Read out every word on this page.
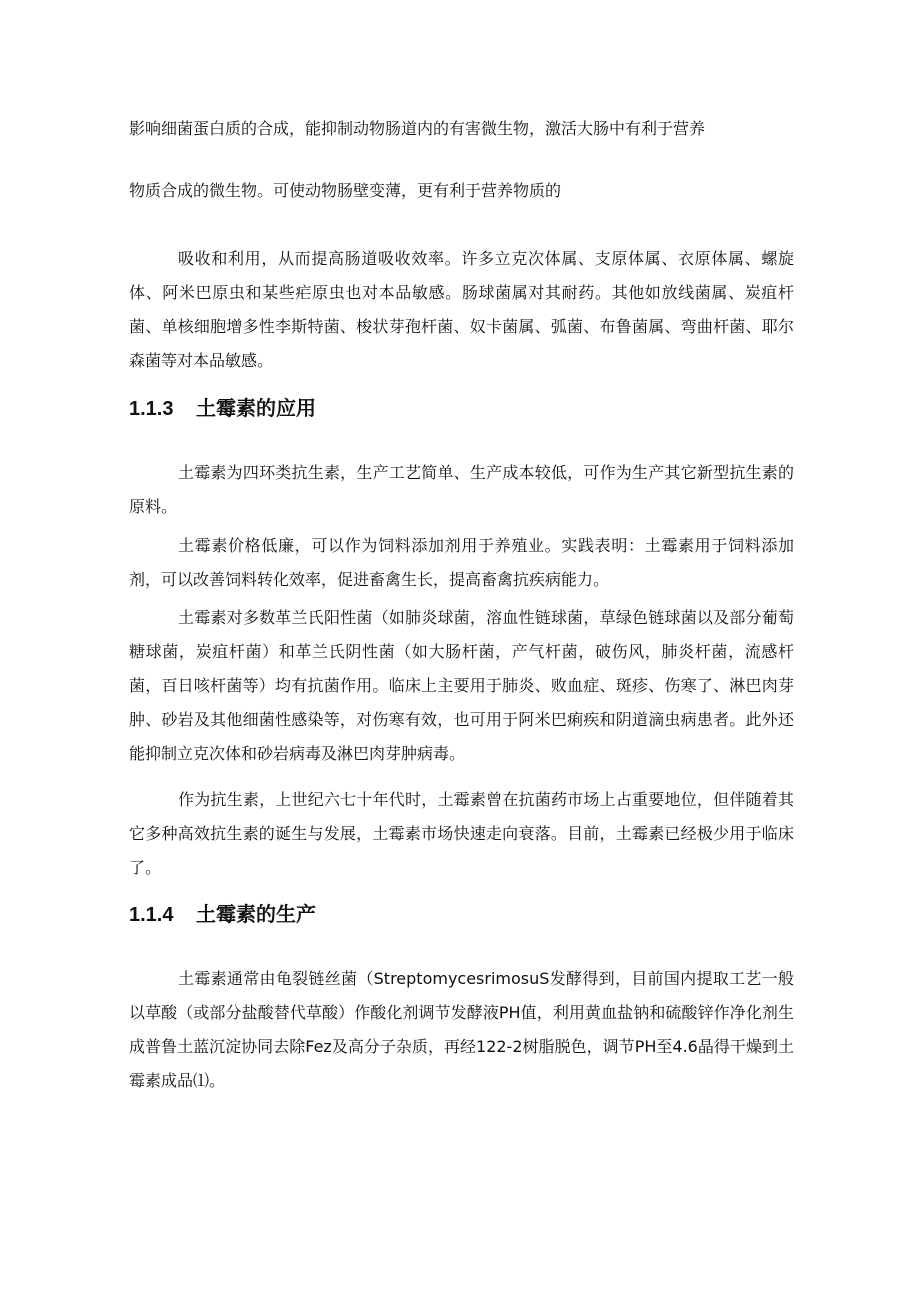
影响细菌蛋白质的合成，能抑制动物肠道内的有害微生物，激活大肠中有利于营养

物质合成的微生物。可使动物肠壁变薄，更有利于营养物质的

吸收和利用，从而提高肠道吸收效率。许多立克次体属、支原体属、衣原体属、螺旋体、阿米巴原虫和某些疟原虫也对本品敏感。肠球菌属对其耐药。其他如放线菌属、炭疽杆菌、单核细胞增多性李斯特菌、梭状芽孢杆菌、奴卡菌属、弧菌、布鲁菌属、弯曲杆菌、耶尔森菌等对本品敏感。

1.1.3 土霉素的应用

土霉素为四环类抗生素，生产工艺简单、生产成本较低，可作为生产其它新型抗生素的原料。

土霉素价格低廉，可以作为饲料添加剂用于养殖业。实践表明：土霉素用于饲料添加剂，可以改善饲料转化效率，促进畜禽生长，提高畜禽抗疾病能力。

土霉素对多数革兰氏阳性菌（如肺炎球菌，溶血性链球菌，草绿色链球菌以及部分葡萄糖球菌，炭疽杆菌）和革兰氏阴性菌（如大肠杆菌，产气杆菌，破伤风，肺炎杆菌，流感杆菌，百日咳杆菌等）均有抗菌作用。临床上主要用于肺炎、败血症、斑疹、伤寒了、淋巴肉芽肿、砂岩及其他细菌性感染等，对伤寒有效，也可用于阿米巴痢疾和阴道滴虫病患者。此外还能抑制立克次体和砂岩病毒及淋巴肉芽肿病毒。

作为抗生素，上世纪六七十年代时，土霉素曾在抗菌药市场上占重要地位，但伴随着其它多种高效抗生素的诞生与发展，土霉素市场快速走向衰落。目前，土霉素已经极少用于临床了。

1.1.4 土霉素的生产

土霉素通常由龟裂链丝菌（StreptomycesrimosuS发酵得到，目前国内提取工艺一般以草酸（或部分盐酸替代草酸）作酸化剂调节发酵液PH值，利用黄血盐钠和硫酸锌作净化剂生成普鲁土蓝沉淀协同去除Fez及高分子杂质，再经122-2树脂脱色，调节PH至4.6晶得干燥到土霉素成品⑴。
